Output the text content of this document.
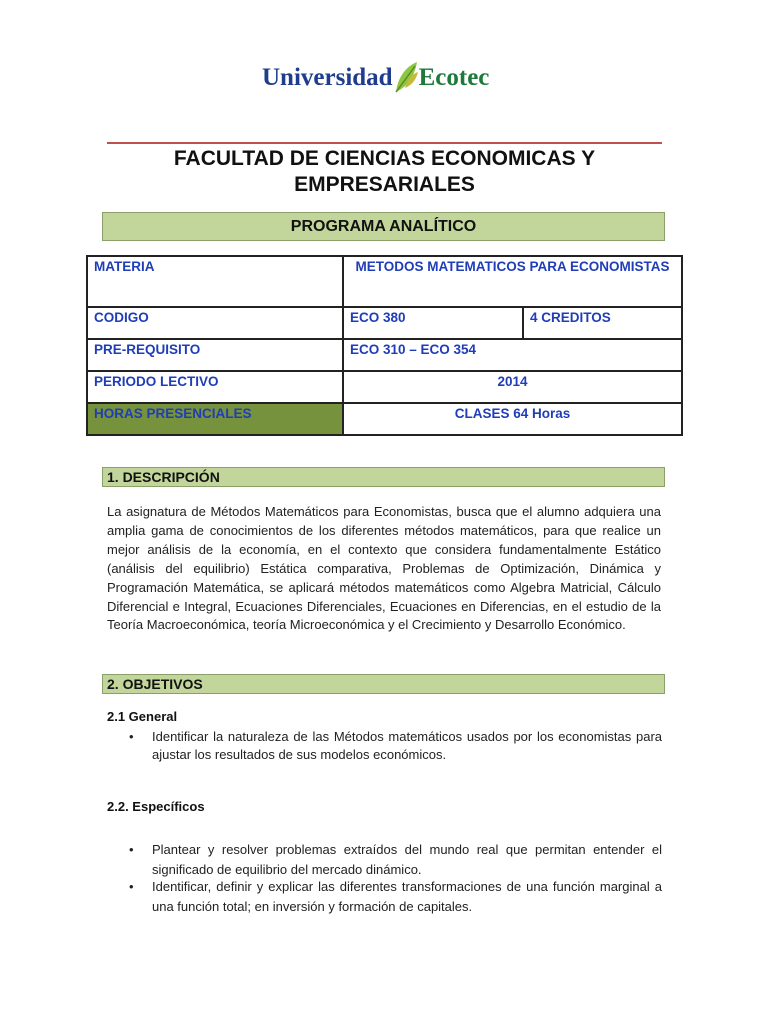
Universidad Ecotec
FACULTAD DE CIENCIAS ECONOMICAS Y EMPRESARIALES
PROGRAMA ANALÍTICO
MATERIA	METODOS MATEMATICOS PARA ECONOMISTAS	
CODIGO	ECO 380	4 CREDITOS
PRE-REQUISITO	ECO 310 – ECO 354	
PERIODO LECTIVO	2014	
HORAS PRESENCIALES	CLASES 64 Horas	
1. DESCRIPCIÓN
La asignatura de Métodos Matemáticos para Economistas, busca que el alumno adquiera una amplia gama de conocimientos de los diferentes métodos matemáticos, para que realice un mejor análisis de la economía, en el contexto que considera fundamentalmente Estático (análisis del equilibrio) Estática comparativa, Problemas de Optimización, Dinámica y Programación Matemática, se aplicará métodos matemáticos como Algebra Matricial, Cálculo Diferencial e Integral, Ecuaciones Diferenciales, Ecuaciones en Diferencias, en el estudio de la Teoría Macroeconómica, teoría Microeconómica y el Crecimiento y Desarrollo Económico.
2. OBJETIVOS
2.1 General
• Identificar la naturaleza de las Métodos matemáticos usados por los economistas para ajustar los resultados de sus modelos económicos.
2.2. Específicos
• Plantear y resolver problemas extraídos del mundo real que permitan entender el significado de equilibrio del mercado dinámico.
• Identificar, definir y explicar las diferentes transformaciones de una función marginal a una función total; en inversión y formación de capitales.
